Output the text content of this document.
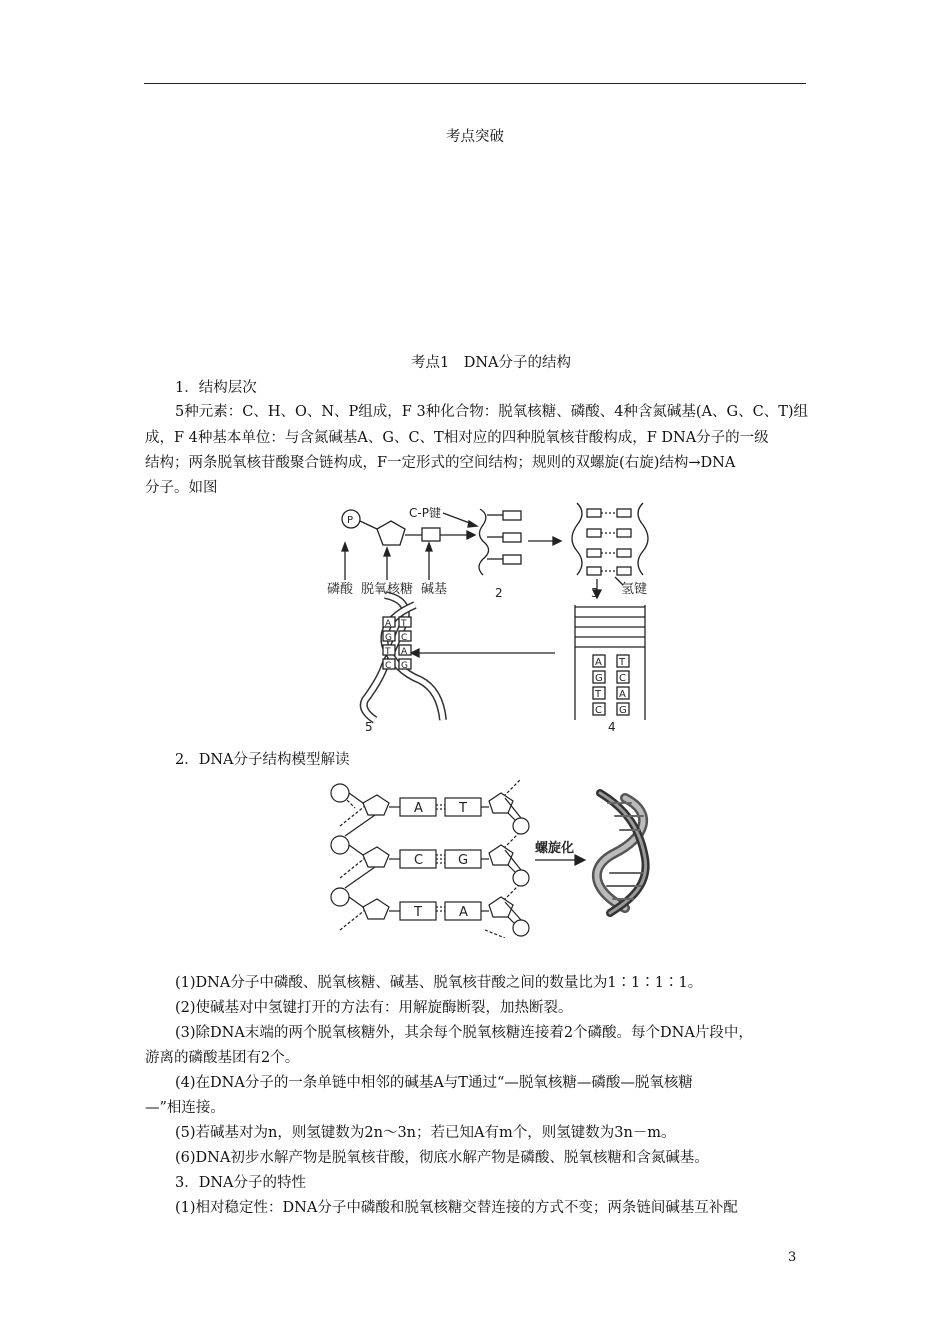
考点突破
考点1　DNA分子的结构
1．结构层次
5种元素：C、H、O、N、P组成，F 3种化合物：脱氧核糖、磷酸、4种含氮碱基(A、G、C、T)组
成，F 4种基本单位：与含氮碱基A、G、C、T相对应的四种脱氧核苷酸构成，F DNA分子的一级
结构；两条脱氧核苷酸聚合链构成，F一定形式的空间结构；规则的双螺旋(右旋)结构→DNA
分子。如图
P
C-P键
磷酸 脱氧核糖 碱基	氢键
2	3
4
5
A
G
T
C
T
C
A
G
A
G
T
C
T
C
A
G
2．DNA分子结构模型解读
A	T
C	G
T	A
螺旋化
(1)DNA分子中磷酸、脱氧核糖、碱基、脱氧核苷酸之间的数量比为1∶1∶1∶1。
(2)使碱基对中氢键打开的方法有：用解旋酶断裂，加热断裂。
(3)除DNA末端的两个脱氧核糖外，其余每个脱氧核糖连接着2个磷酸。每个DNA片段中，
游离的磷酸基团有2个。
(4)在DNA分子的一条单链中相邻的碱基A与T通过“—脱氧核糖—磷酸—脱氧核糖
—”相连接。
(5)若碱基对为n，则氢键数为2n～3n；若已知A有m个，则氢键数为3n－m。
(6)DNA初步水解产物是脱氧核苷酸，彻底水解产物是磷酸、脱氧核糖和含氮碱基。
3．DNA分子的特性
(1)相对稳定性：DNA分子中磷酸和脱氧核糖交替连接的方式不变；两条链间碱基互补配
3
